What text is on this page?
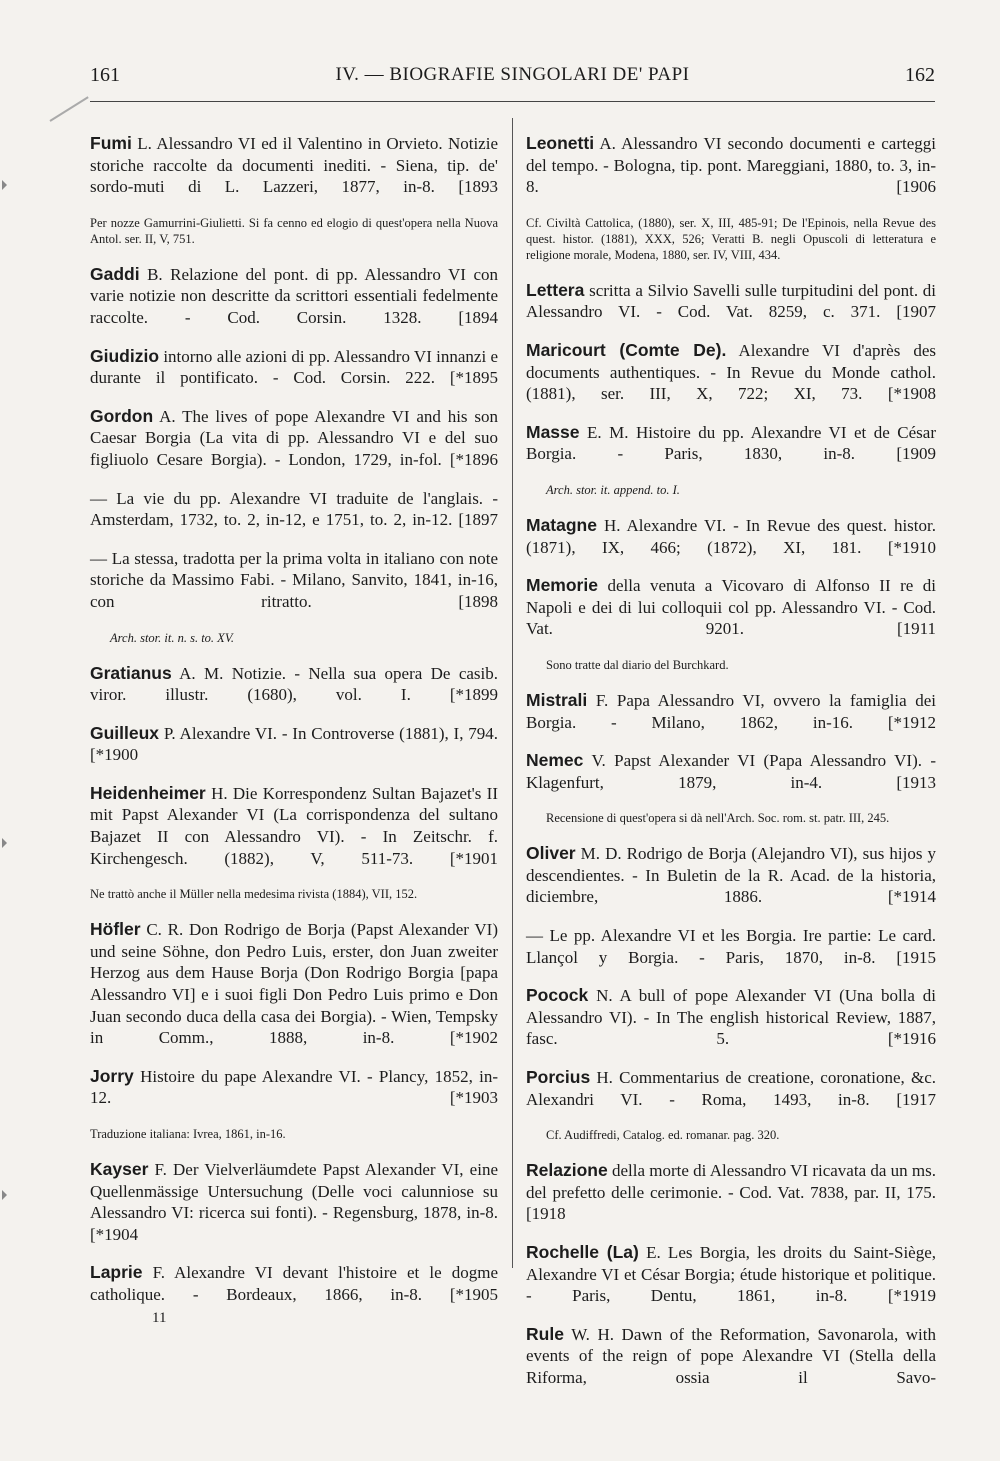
161	IV. — BIOGRAFIE SINGOLARI DE' PAPI	162

Fumi L. Alessandro VI ed il Valentino in Orvieto. Notizie storiche raccolte da documenti inediti. - Siena, tip. de' sordo-muti di L. Lazzeri, 1877, in-8. [1893

Per nozze Gamurrini-Giulietti. Si fa cenno ed elogio di quest'opera nella Nuova Antol. ser. II, V, 751.

Gaddi B. Relazione del pont. di pp. Alessandro VI con varie notizie non descritte da scrittori essentiali fedelmente raccolte. - Cod. Corsin. 1328. [1894

Giudizio intorno alle azioni di pp. Alessandro VI innanzi e durante il pontificato. - Cod. Corsin. 222. [*1895

Gordon A. The lives of pope Alexandre VI and his son Caesar Borgia (La vita di pp. Alessandro VI e del suo figliuolo Cesare Borgia). - London, 1729, in-fol. [*1896

— La vie du pp. Alexandre VI traduite de l'anglais. - Amsterdam, 1732, to. 2, in-12, e 1751, to. 2, in-12. [1897

— La stessa, tradotta per la prima volta in italiano con note storiche da Massimo Fabi. - Milano, Sanvito, 1841, in-16, con ritratto.	[1898

Arch. stor. it. n. s. to. XV.

Gratianus A. M. Notizie. - Nella sua opera De casib. viror. illustr. (1680), vol. I. [*1899

Guilleux P. Alexandre VI. - In Controverse (1881), I, 794. [*1900

Heidenheimer H. Die Korrespondenz Sultan Bajazet's II mit Papst Alexander VI (La corrispondenza del sultano Bajazet II con Alessandro VI). - In Zeitschr. f. Kirchengesch. (1882), V, 511-73. [*1901

Ne trattò anche il Müller nella medesima rivista (1884), VII, 152.

Höfler C. R. Don Rodrigo de Borja (Papst Alexander VI) und seine Söhne, don Pedro Luis, erster, don Juan zweiter Herzog aus dem Hause Borja (Don Rodrigo Borgia [papa Alessandro VI] e i suoi figli Don Pedro Luis primo e Don Juan secondo duca della casa dei Borgia). - Wien, Tempsky in Comm., 1888, in-8.	[*1902

Jorry Histoire du pape Alexandre VI. - Plancy, 1852, in-12.	[*1903

Traduzione italiana: Ivrea, 1861, in-16.

Kayser F. Der Vielverläumdete Papst Alexander VI, eine Quellenmässige Untersuchung (Delle voci calunniose su Alessandro VI: ricerca sui fonti). - Regensburg, 1878, in-8. [*1904

Laprie F. Alexandre VI devant l'histoire et le dogme catholique. - Bordeaux, 1866, in-8. [*1905

Leonetti A. Alessandro VI secondo documenti e carteggi del tempo. - Bologna, tip. pont. Mareggiani, 1880, to. 3, in-8.	[1906

Cf. Civiltà Cattolica, (1880), ser. X, III, 485-91; De l'Epinois, nella Revue des quest. histor. (1881), XXX, 526; Veratti B. negli Opuscoli di letteratura e religione morale, Modena, 1880, ser. IV, VIII, 434.

Lettera scritta a Silvio Savelli sulle turpitudini del pont. di Alessandro VI. - Cod. Vat. 8259, c. 371. [1907

Maricourt (Comte De). Alexandre VI d'après des documents authentiques. - In Revue du Monde cathol. (1881), ser. III, X, 722; XI, 73. [*1908

Masse E. M. Histoire du pp. Alexandre VI et de César Borgia. - Paris, 1830, in-8. [1909

Arch. stor. it. append. to. I.

Matagne H. Alexandre VI. - In Revue des quest. histor. (1871), IX, 466; (1872), XI, 181. [*1910

Memorie della venuta a Vicovaro di Alfonso II re di Napoli e dei di lui colloquii col pp. Alessandro VI. - Cod. Vat. 9201.	[1911

Sono tratte dal diario del Burchkard.

Mistrali F. Papa Alessandro VI, ovvero la famiglia dei Borgia. - Milano, 1862, in-16. [*1912

Nemec V. Papst Alexander VI (Papa Alessandro VI). - Klagenfurt, 1879, in-4.	[1913

Recensione di quest'opera si dà nell'Arch. Soc. rom. st. patr. III, 245.

Oliver M. D. Rodrigo de Borja (Alejandro VI), sus hijos y descendientes. - In Buletin de la R. Acad. de la historia, diciembre, 1886.	[*1914

— Le pp. Alexandre VI et les Borgia. Ire partie: Le card. Llançol y Borgia. - Paris, 1870, in-8. [1915

Pocock N. A bull of pope Alexander VI (Una bolla di Alessandro VI). - In The english historical Review, 1887, fasc. 5.	[*1916

Porcius H. Commentarius de creatione, coronatione, &c. Alexandri VI. - Roma, 1493, in-8. [1917

Cf. Audiffredi, Catalog. ed. romanar. pag. 320.

Relazione della morte di Alessandro VI ricavata da un ms. del prefetto delle cerimonie. - Cod. Vat. 7838, par. II, 175. [1918

Rochelle (La) E. Les Borgia, les droits du Saint-Siège, Alexandre VI et César Borgia; étude historique et politique. - Paris, Dentu, 1861, in-8. [*1919

Rule W. H. Dawn of the Reformation, Savonarola, with events of the reign of pope Alexandre VI (Stella della Riforma, ossia il Savo-

11
